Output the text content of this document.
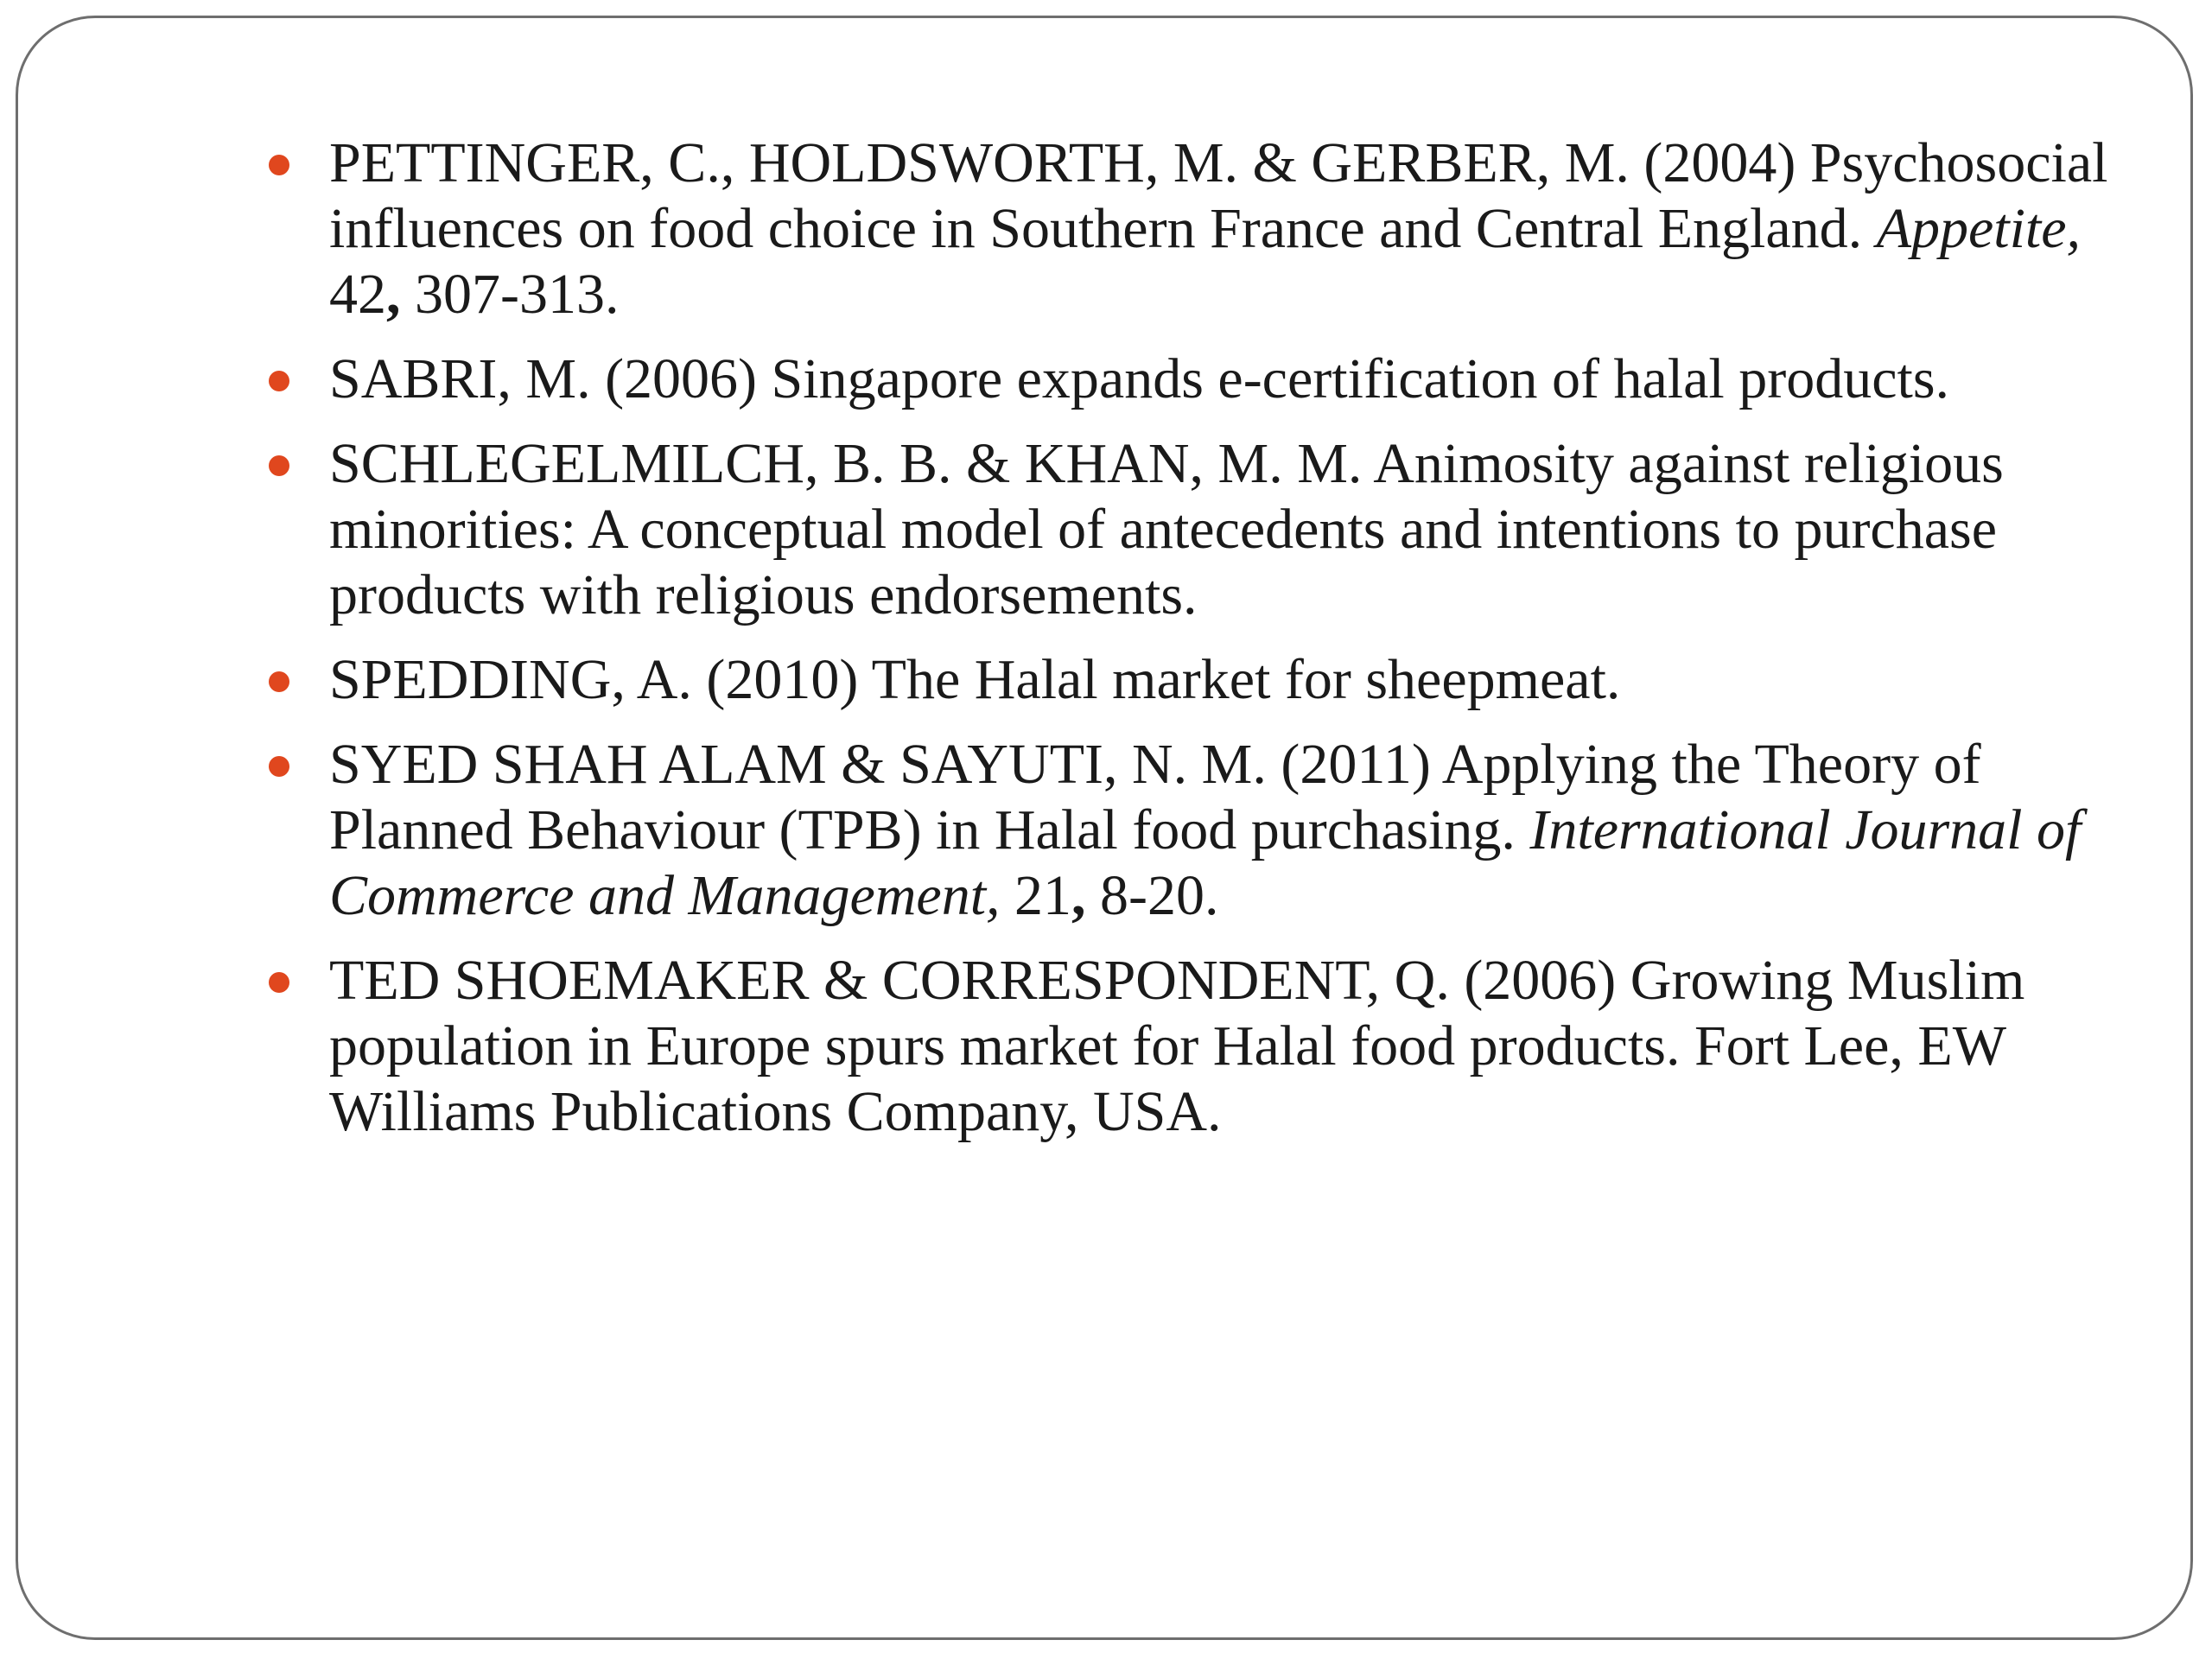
PETTINGER, C., HOLDSWORTH, M. & GERBER, M. (2004) Psychosocial influences on food choice in Southern France and Central England. Appetite, 42, 307-313.
SABRI, M. (2006) Singapore expands e-certification of halal products.
SCHLEGELMILCH, B. B. & KHAN, M. M. Animosity against religious minorities: A conceptual model of antecedents and intentions to purchase products with religious endorsements.
SPEDDING, A. (2010) The Halal market for sheepmeat.
SYED SHAH ALAM & SAYUTI, N. M. (2011) Applying the Theory of Planned Behaviour (TPB) in Halal food purchasing. International Journal of Commerce and Management, 21, 8-20.
TED SHOEMAKER & CORRESPONDENT, Q. (2006) Growing Muslim population in Europe spurs market for Halal food products. Fort Lee, EW Williams Publications Company, USA.
